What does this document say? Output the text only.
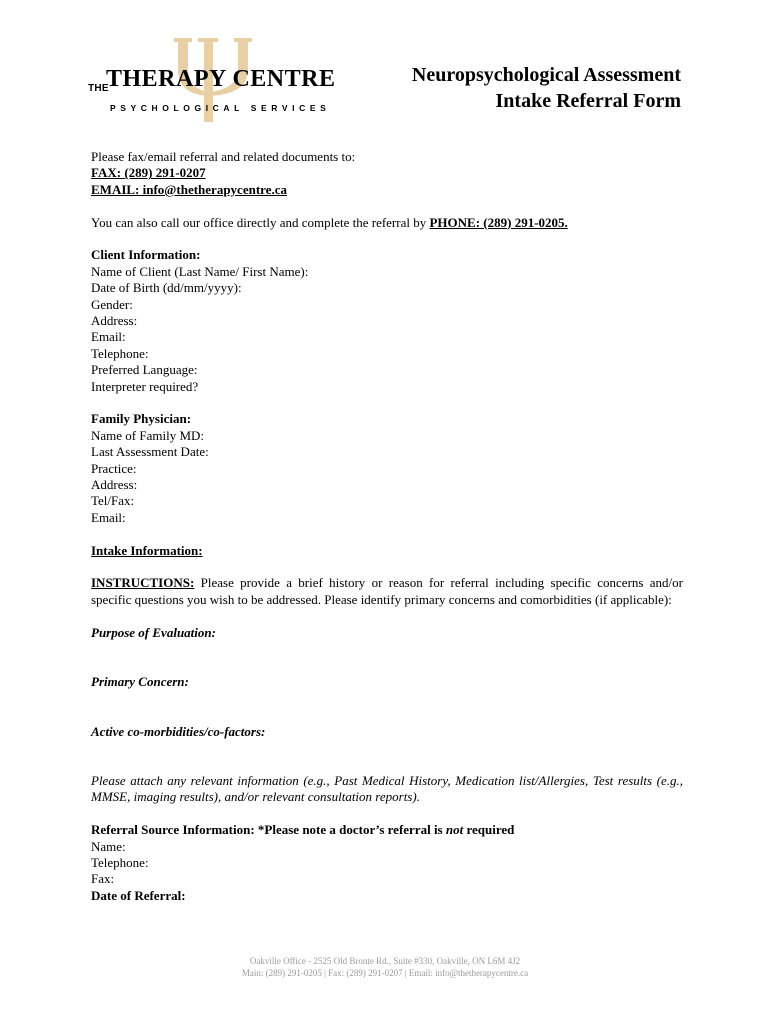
THE
THERAPY CENTRE
PSYCHOLOGICAL SERVICES
Neuropsychological Assessment
Intake Referral Form
Please fax/email referral and related documents to:
FAX: (289) 291-0207
EMAIL: info@thetherapycentre.ca
You can also call our office directly and complete the referral by PHONE: (289) 291-0205.
Client Information:
Name of Client (Last Name/ First Name):
Date of Birth (dd/mm/yyyy):
Gender:
Address:
Email:
Telephone:
Preferred Language:
Interpreter required?
Family Physician:
Name of Family MD:
Last Assessment Date:
Practice:
Address:
Tel/Fax:
Email:
Intake Information:
INSTRUCTIONS: Please provide a brief history or reason for referral including specific concerns and/or specific questions you wish to be addressed. Please identify primary concerns and comorbidities (if applicable):
Purpose of Evaluation:
Primary Concern:
Active co-morbidities/co-factors:
Please attach any relevant information (e.g., Past Medical History, Medication list/Allergies, Test results (e.g., MMSE, imaging results), and/or relevant consultation reports).
Referral Source Information: *Please note a doctor’s referral is not required
Name:
Telephone:
Fax:
Date of Referral:
Oakville Office - 2525 Old Bronte Rd., Suite #330, Oakville, ON L6M 4J2
Main: (289) 291-0205 | Fax: (289) 291-0207 | Email: info@thetherapycentre.ca
